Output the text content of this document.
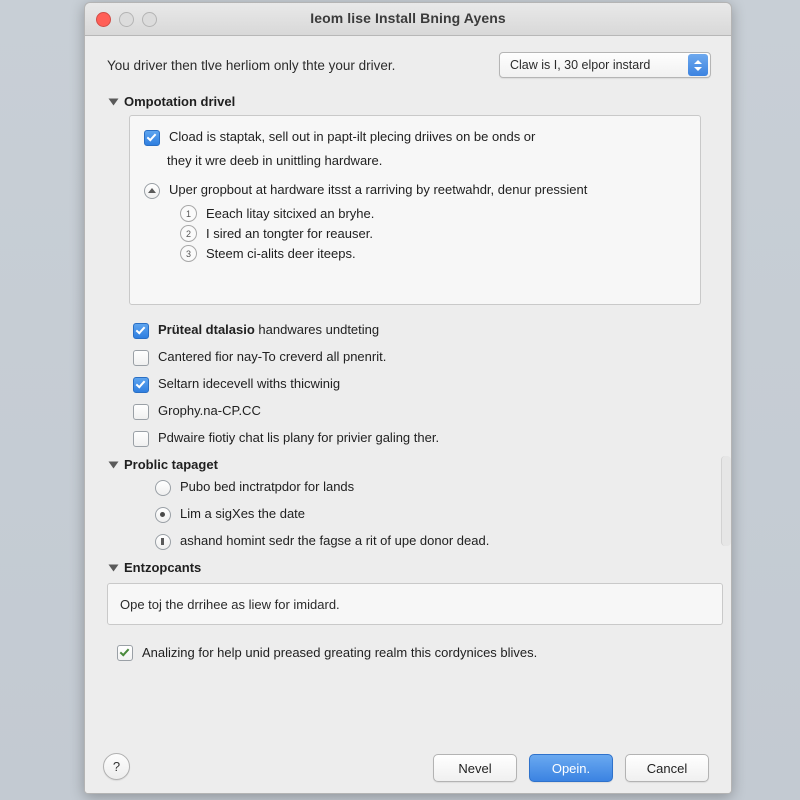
Ieom lise Install Bning Ayens
You driver then tlve herliom only thte your driver.	Claw is I, 30 elpor instard
Ompotation drivel
Cload is staptak, sell out in papt-ilt plecing driives on be onds or
they it wre deeb in unittling hardware.
Uper gropbout at hardware itsst a rarriving by reetwahdr, denur pressient
1	Eeach litay sitcixed an bryhe.
2	I sired an tongter for reauser.
3	Steem ci-alits deer iteeps.
Prüteal dtalasio handwares undteting
Cantered fior nay-To creverd all pnenrit.
Seltarn idecevell withs thicwinig
Grophy.na-CP.CC
Pdwaire fiotiy chat lis plany for privier galing ther.
Problic tapaget
Pubo bed inctratpdor for lands
Lim a sigXes the date
ashand homint sedr the fagse a rit of upe donor dead.
Entzopcants
Ope toj the drrihee as liew for imidard.
Analizing for help unid preased greating realm this cordynices blives.
?	Nevel	Opein.	Cancel
